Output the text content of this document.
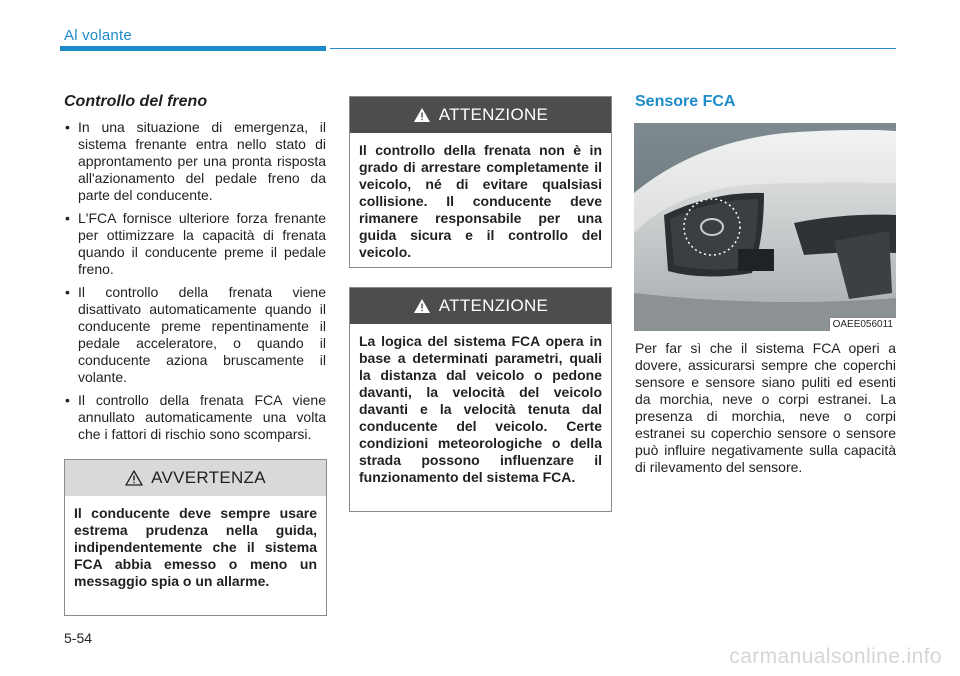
Al volante
Controllo del freno
• In una situazione di emergenza, il sistema frenante entra nello stato di approntamento per una pronta risposta all'azionamento del pedale freno da parte del conducente.
• L'FCA fornisce ulteriore forza frenante per ottimizzare la capacità di frenata quando il conducente preme il pedale freno.
• Il controllo della frenata viene disattivato automaticamente quando il conducente preme repentinamente il pedale acceleratore, o quando il conducente aziona bruscamente il volante.
• Il controllo della frenata FCA viene annullato automaticamente una volta che i fattori di rischio sono scomparsi.
AVVERTENZA
Il conducente deve sempre usare estrema prudenza nella guida, indipendentemente che il sistema FCA abbia emesso o meno un messaggio spia o un allarme.
ATTENZIONE
Il controllo della frenata non è in grado di arrestare completamente il veicolo, né di evitare qualsiasi collisione. Il conducente deve rimanere responsabile per una guida sicura e il controllo del veicolo.
ATTENZIONE
La logica del sistema FCA opera in base a determinati parametri, quali la distanza dal veicolo o pedone davanti, la velocità del veicolo davanti e la velocità tenuta dal conducente del veicolo. Certe condizioni meteorologiche o della strada possono influenzare il funzionamento del sistema FCA.
Sensore FCA
OAEE056011
Per far sì che il sistema FCA operi a dovere, assicurarsi sempre che coperchi sensore e sensore siano puliti ed esenti da morchia, neve o corpi estranei. La presenza di morchia, neve o corpi estranei su coperchio sensore o sensore può influire negativamente sulla capacità di rilevamento del sensore.
5-54
carmanualsonline.info
